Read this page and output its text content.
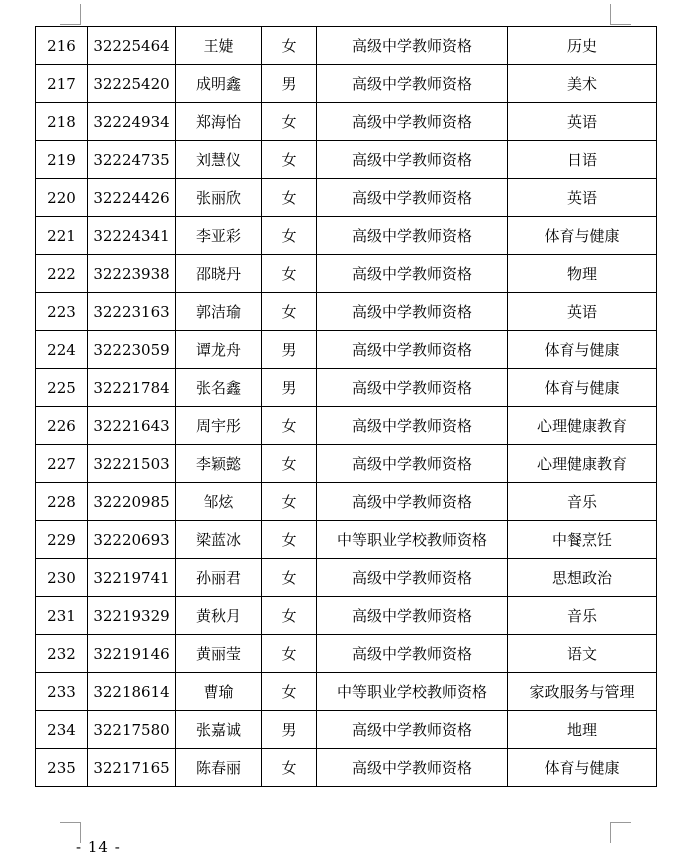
216	32225464	王婕	女	高级中学教师资格	历史
217	32225420	成明鑫	男	高级中学教师资格	美术
218	32224934	郑海怡	女	高级中学教师资格	英语
219	32224735	刘慧仪	女	高级中学教师资格	日语
220	32224426	张丽欣	女	高级中学教师资格	英语
221	32224341	李亚彩	女	高级中学教师资格	体育与健康
222	32223938	邵晓丹	女	高级中学教师资格	物理
223	32223163	郭洁瑜	女	高级中学教师资格	英语
224	32223059	谭龙舟	男	高级中学教师资格	体育与健康
225	32221784	张名鑫	男	高级中学教师资格	体育与健康
226	32221643	周宇彤	女	高级中学教师资格	心理健康教育
227	32221503	李颖懿	女	高级中学教师资格	心理健康教育
228	32220985	邹炫	女	高级中学教师资格	音乐
229	32220693	梁蓝冰	女	中等职业学校教师资格	中餐烹饪
230	32219741	孙丽君	女	高级中学教师资格	思想政治
231	32219329	黄秋月	女	高级中学教师资格	音乐
232	32219146	黄丽莹	女	高级中学教师资格	语文
233	32218614	曹瑜	女	中等职业学校教师资格	家政服务与管理
234	32217580	张嘉诚	男	高级中学教师资格	地理
235	32217165	陈春丽	女	高级中学教师资格	体育与健康
- 14 -
